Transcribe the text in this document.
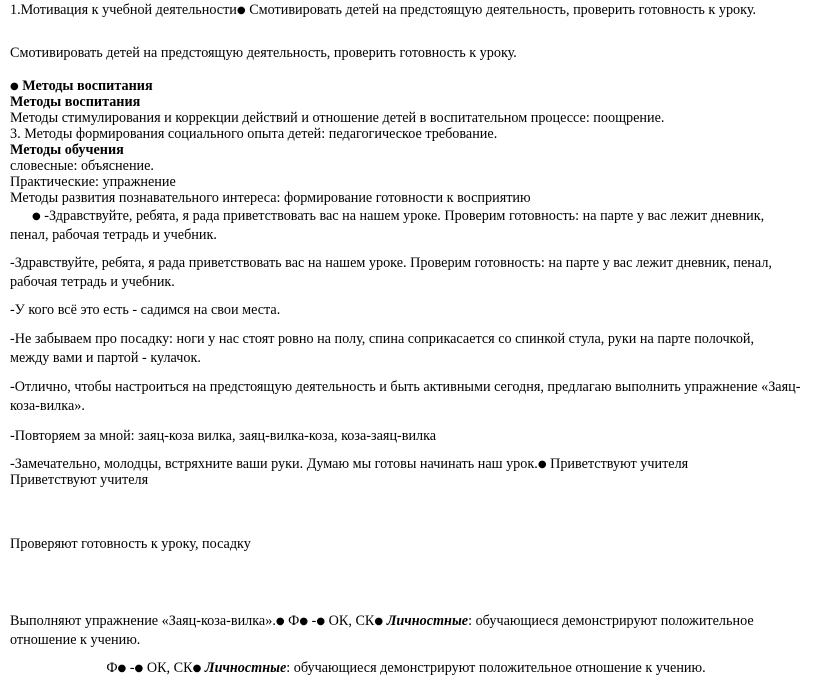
1.Мотивация к учебной деятельности● Смотивировать детей на предстоящую деятельность, проверить готовность к уроку.
Смотивировать детей на предстоящую деятельность, проверить готовность к уроку.
● Методы воспитания
Методы воспитания
Методы стимулирования и коррекции действий и отношение детей в воспитательном процессе: поощрение.
3. Методы формирования социального опыта детей: педагогическое требование.
Методы обучения
словесные: объяснение.
Практические: упражнение
Методы развития познавательного интереса: формирование готовности к восприятию
● -Здравствуйте, ребята, я рада приветствовать вас на нашем уроке. Проверим готовность: на парте у вас лежит дневник, пенал, рабочая тетрадь и учебник.
-Здравствуйте, ребята, я рада приветствовать вас на нашем уроке. Проверим готовность: на парте у вас лежит дневник, пенал, рабочая тетрадь и учебник.
-У кого всё это есть - садимся на свои места.
-Не забываем про посадку: ноги у нас стоят ровно на полу, спина соприкасается со спинкой стула, руки на парте полочкой, между вами и партой - кулачок.
-Отлично, чтобы настроиться на предстоящую деятельность и быть активными сегодня, предлагаю выполнить упражнение «Заяц-коза-вилка».
-Повторяем за мной: заяц-коза вилка, заяц-вилка-коза, коза-заяц-вилка
-Замечательно, молодцы, встряхните ваши руки. Думаю мы готовы начинать наш урок.● Приветствуют учителя
Приветствуют учителя
Проверяют готовность к уроку, посадку
Выполняют упражнение «Заяц-коза-вилка».● Ф● -● ОК, СК● Личностные: обучающиеся демонстрируют положительное отношение к учению.
Ф● -● ОК, СК● Личностные: обучающиеся демонстрируют положительное отношение к учению.
